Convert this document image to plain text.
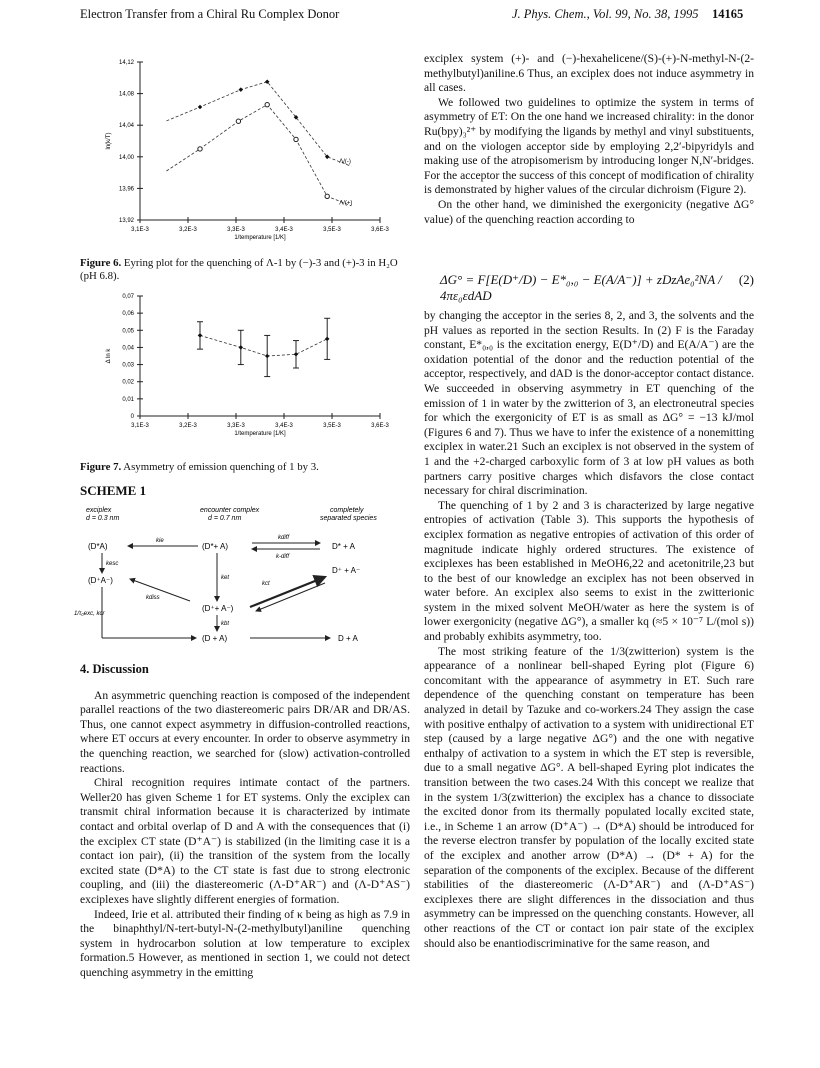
Electron Transfer from a Chiral Ru Complex Donor	J. Phys. Chem., Vol. 99, No. 38, 1995 14165
13,92
13,96
14,00
14,04
14,08
14,12
3,1E-3	3,2E-3	3,3E-3	3,4E-3	3,5E-3	3,6E-3
1/temperature [1/K]
ln(k/T)
Λ/(-)
Λ/(+)
Figure 6. Eyring plot for the quenching of Λ-1 by (−)-3 and (+)-3 in H₂O (pH 6.8).
0
0,01
0,02
0,03
0,04
0,05
0,06
0,07
3,1E-3	3,2E-3	3,3E-3	3,4E-3	3,5E-3	3,6E-3
1/temperature [1/K]
Δ ln k
Figure 7. Asymmetry of emission quenching of 1 by 3.
SCHEME 1
exciplex
d = 0.3 nm
encounter complex
d = 0.7 nm
completely
separated species
(D*A)	(D*+ A)	D* + A
D⁺ + A⁻
(D⁺A⁻)
(D⁺+ A⁻)
(D + A)	D + A
kie	kdiff
k-diff
kesc
kdiss
ket
kct
kbt
1/τ₀exc, kcr
4. Discussion

An asymmetric quenching reaction is composed of the independent parallel reactions of the two diastereomeric pairs DR/AR and DR/AS. Thus, one cannot expect asymmetry in diffusion-controlled reactions, where ET occurs at every encounter. In order to observe asymmetry in the quenching reaction, we searched for (slow) activation-controlled reactions.

Chiral recognition requires intimate contact of the partners. Weller20 has given Scheme 1 for ET systems. Only the exciplex can transmit chiral information because it is characterized by intimate contact and orbital overlap of D and A with the consequences that (i) the exciplex CT state (D⁺A⁻) is stabilized (in the limiting case it is a contact ion pair), (ii) the transition of the system from the locally excited state (D*A) to the CT state is fast due to strong electronic coupling, and (iii) the diastereomeric (Λ-D⁺AR⁻) and (Λ-D⁺AS⁻) exciplexes have slightly different energies of formation.

Indeed, Irie et al. attributed their finding of κ being as high as 7.9 in the binaphthyl/N-tert-butyl-N-(2-methylbutyl)aniline quenching system in hydrocarbon solution at low temperature to exciplex formation.5 However, as mentioned in section 1, we could not detect quenching asymmetry in the emitting

exciplex system (+)- and (−)-hexahelicene/(S)-(+)-N-methyl-N-(2-methylbutyl)aniline.6 Thus, an exciplex does not induce asymmetry in all cases.

We followed two guidelines to optimize the system in terms of asymmetry of ET: On the one hand we increased chirality: in the donor Ru(bpy)₃²⁺ by modifying the ligands by methyl and vinyl substituents, and on the viologen acceptor side by employing 2,2′-bipyridyls and making use of the atropisomerism by introducing longer N,N′-bridges. For the acceptor the success of this concept of modification of chirality is demonstrated by higher values of the circular dichroism (Figure 2).

On the other hand, we diminished the exergonicity (negative ΔG° value) of the quenching reaction according to

ΔG° = F[E(D⁺/D) − E*₀,₀ − E(A/A⁻)] + zDzAe₀²NA / 4πε₀εdAD
(2)

by changing the acceptor in the series 8, 2, and 3, the solvents and the pH values as reported in the section Results. In (2) F is the Faraday constant, E*₀,₀ is the excitation energy, E(D⁺/D) and E(A/A⁻) are the oxidation potential of the donor and the reduction potential of the acceptor, respectively, and dAD is the donor-acceptor contact distance. We succeeded in observing asymmetry in ET quenching of the emission of 1 in water by the zwitterion of 3, an electroneutral species for which the exergonicity of ET is as small as ΔG° = −13 kJ/mol (Figures 6 and 7). Thus we have to infer the existence of a nonemitting exciplex in water.21 Such an exciplex is not observed in the system of 1 and the +2-charged carboxylic form of 3 at low pH values as both partners carry positive charges which disfavors the close contact necessary for chiral discrimination.

The quenching of 1 by 2 and 3 is characterized by large negative entropies of activation (Table 3). This supports the hypothesis of exciplex formation as negative entropies of activation of this order of magnitude indicate highly ordered structures. The existence of exciplexes has been established in MeOH6,22 and acetonitrile,23 but to the best of our knowledge an exciplex has not been observed in water before. An exciplex also seems to exist in the zwitterionic system in the mixed solvent MeOH/water as here the system is of lower exergonicity (negative ΔG°), a smaller kq (≈5 × 10⁻⁷ L/(mol s)) and probably exhibits asymmetry, too.

The most striking feature of the 1/3(zwitterion) system is the appearance of a nonlinear bell-shaped Eyring plot (Figure 6) concomitant with the appearance of asymmetry in ET. Such rare dependence of the quenching constant on temperature has been analyzed in detail by Tazuke and co-workers.24 They assign the case with positive enthalpy of activation to a system with unidirectional ET step (caused by a large negative ΔG°) and the one with negative enthalpy of activation to a system in which the ET step is reversible, due to a small negative ΔG°. A bell-shaped Eyring plot indicates the transition between the two cases.24 With this concept we realize that in the system 1/3(zwitterion) the exciplex has a chance to dissociate the excited donor from its thermally populated locally excited state, i.e., in Scheme 1 an arrow (D⁺A⁻) → (D*A) should be introduced for the reverse electron transfer by population of the locally excited state of the exciplex and another arrow (D*A) → (D* + A) for the separation of the components of the exciplex. Because of the different stabilities of the diastereomeric (Λ-D⁺AR⁻) and (Λ-D⁺AS⁻) exciplexes there are slight differences in the dissociation and thus asymmetry can be impressed on the quenching constants. However, all other reactions of the CT or contact ion pair state of the exciplex should also be enantiodiscriminative for the same reason, and
